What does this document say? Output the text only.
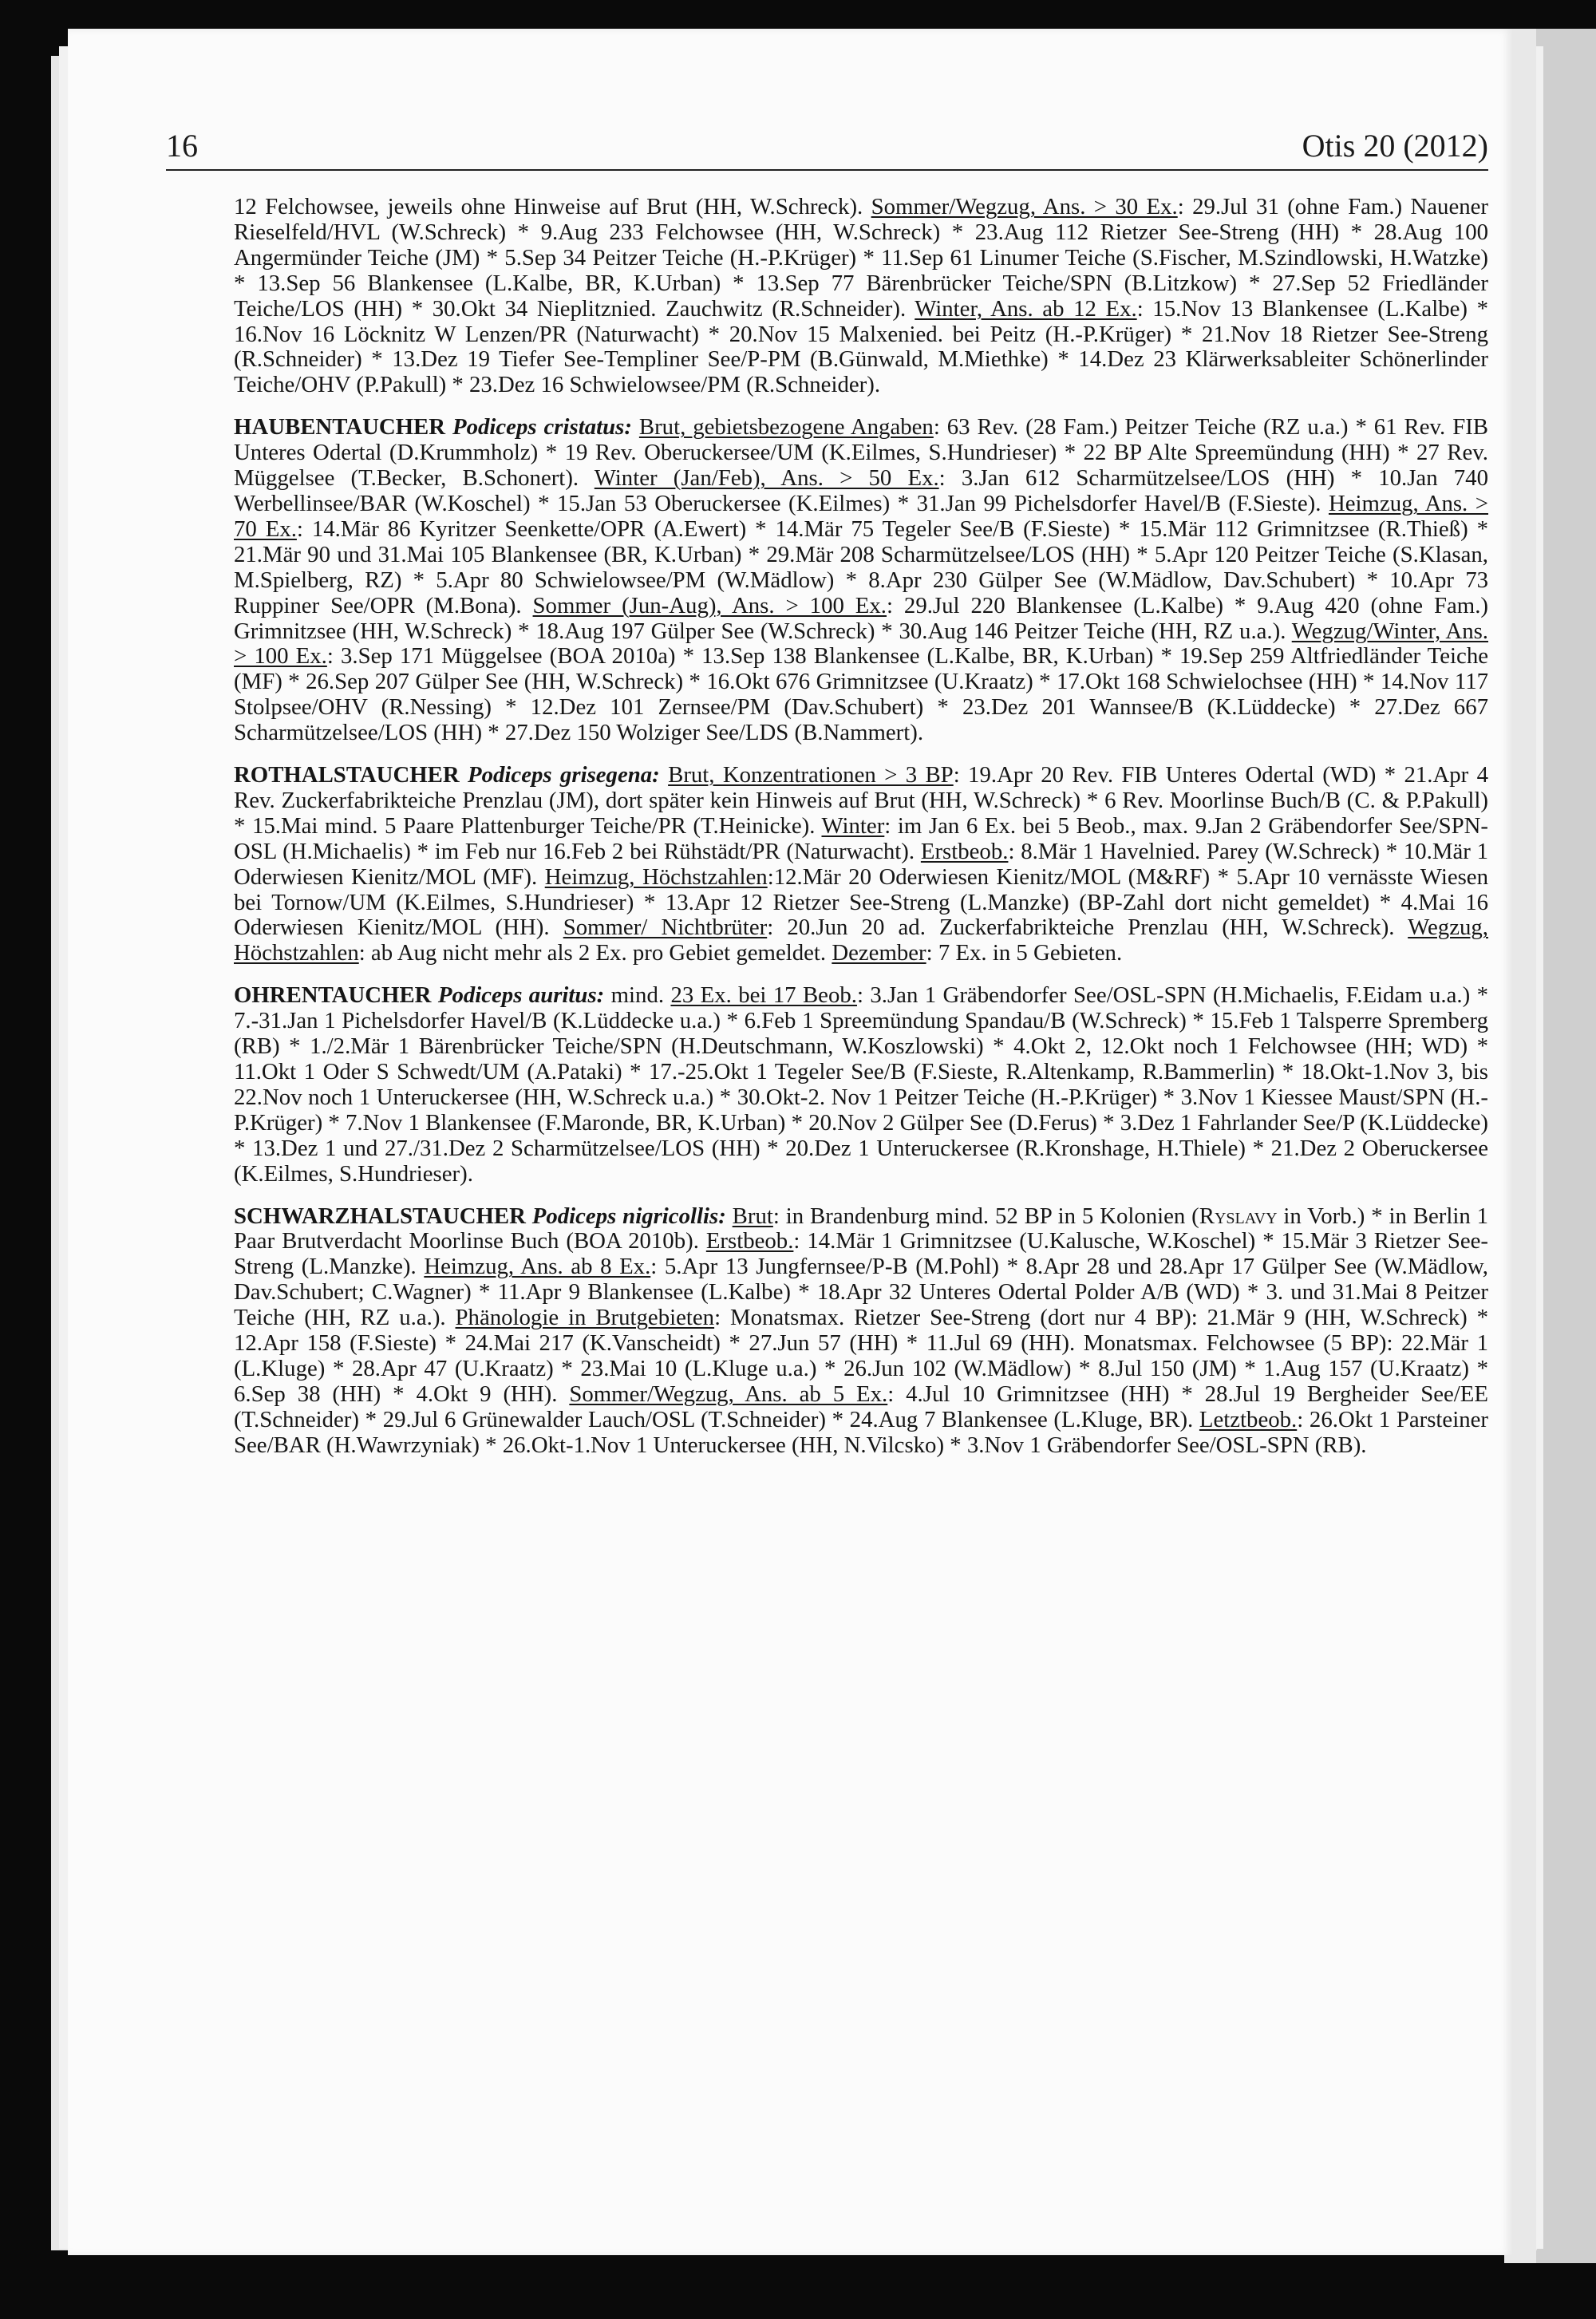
16	Otis 20 (2012)

12 Felchowsee, jeweils ohne Hinweise auf Brut (HH, W.Schreck). Sommer/Wegzug, Ans. > 30 Ex.: 29.Jul 31 (ohne Fam.) Nauener Rieselfeld/HVL (W.Schreck) * 9.Aug 233 Felchowsee (HH, W.Schreck) * 23.Aug 112 Rietzer See-Streng (HH) * 28.Aug 100 Angermünder Teiche (JM) * 5.Sep 34 Peitzer Teiche (H.-P.Krüger) * 11.Sep 61 Linumer Teiche (S.Fischer, M.Szindlowski, H.Watzke) * 13.Sep 56 Blankensee (L.Kalbe, BR, K.Urban) * 13.Sep 77 Bärenbrücker Teiche/SPN (B.Litzkow) * 27.Sep 52 Friedländer Teiche/LOS (HH) * 30.Okt 34 Nieplitznied. Zauchwitz (R.Schneider). Winter, Ans. ab 12 Ex.: 15.Nov 13 Blankensee (L.Kalbe) * 16.Nov 16 Löcknitz W Lenzen/PR (Naturwacht) * 20.Nov 15 Malxenied. bei Peitz (H.-P.Krüger) * 21.Nov 18 Rietzer See-Streng (R.Schneider) * 13.Dez 19 Tiefer See-Templiner See/P-PM (B.Günwald, M.Miethke) * 14.Dez 23 Klärwerksableiter Schönerlinder Teiche/OHV (P.Pakull) * 23.Dez 16 Schwielowsee/PM (R.Schneider).

HAUBENTAUCHER Podiceps cristatus: Brut, gebietsbezogene Angaben: 63 Rev. (28 Fam.) Peitzer Teiche (RZ u.a.) * 61 Rev. FIB Unteres Odertal (D.Krummholz) * 19 Rev. Oberuckersee/UM (K.Eilmes, S.Hundrieser) * 22 BP Alte Spreemündung (HH) * 27 Rev. Müggelsee (T.Becker, B.Schonert). Winter (Jan/Feb), Ans. > 50 Ex.: 3.Jan 612 Scharmützelsee/LOS (HH) * 10.Jan 740 Werbellinsee/BAR (W.Koschel) * 15.Jan 53 Oberuckersee (K.Eilmes) * 31.Jan 99 Pichelsdorfer Havel/B (F.Sieste). Heimzug, Ans. > 70 Ex.: 14.Mär 86 Kyritzer Seenkette/OPR (A.Ewert) * 14.Mär 75 Tegeler See/B (F.Sieste) * 15.Mär 112 Grimnitzsee (R.Thieß) * 21.Mär 90 und 31.Mai 105 Blankensee (BR, K.Urban) * 29.Mär 208 Scharmützelsee/LOS (HH) * 5.Apr 120 Peitzer Teiche (S.Klasan, M.Spielberg, RZ) * 5.Apr 80 Schwielowsee/PM (W.Mädlow) * 8.Apr 230 Gülper See (W.Mädlow, Dav.Schubert) * 10.Apr 73 Ruppiner See/OPR (M.Bona). Sommer (Jun-Aug), Ans. > 100 Ex.: 29.Jul 220 Blankensee (L.Kalbe) * 9.Aug 420 (ohne Fam.) Grimnitzsee (HH, W.Schreck) * 18.Aug 197 Gülper See (W.Schreck) * 30.Aug 146 Peitzer Teiche (HH, RZ u.a.). Wegzug/Winter, Ans. > 100 Ex.: 3.Sep 171 Müggelsee (BOA 2010a) * 13.Sep 138 Blankensee (L.Kalbe, BR, K.Urban) * 19.Sep 259 Altfriedländer Teiche (MF) * 26.Sep 207 Gülper See (HH, W.Schreck) * 16.Okt 676 Grimnitzsee (U.Kraatz) * 17.Okt 168 Schwielochsee (HH) * 14.Nov 117 Stolpsee/OHV (R.Nessing) * 12.Dez 101 Zernsee/PM (Dav.Schubert) * 23.Dez 201 Wannsee/B (K.Lüddecke) * 27.Dez 667 Scharmützelsee/LOS (HH) * 27.Dez 150 Wolziger See/LDS (B.Nammert).

ROTHALSTAUCHER Podiceps grisegena: Brut, Konzentrationen > 3 BP: 19.Apr 20 Rev. FIB Unteres Odertal (WD) * 21.Apr 4 Rev. Zuckerfabrikteiche Prenzlau (JM), dort später kein Hinweis auf Brut (HH, W.Schreck) * 6 Rev. Moorlinse Buch/B (C. & P.Pakull) * 15.Mai mind. 5 Paare Plattenburger Teiche/PR (T.Heinicke). Winter: im Jan 6 Ex. bei 5 Beob., max. 9.Jan 2 Gräbendorfer See/SPN-OSL (H.Michaelis) * im Feb nur 16.Feb 2 bei Rühstädt/PR (Naturwacht). Erstbeob.: 8.Mär 1 Havelnied. Parey (W.Schreck) * 10.Mär 1 Oderwiesen Kienitz/MOL (MF). Heimzug, Höchstzahlen:12.Mär 20 Oderwiesen Kienitz/MOL (M&RF) * 5.Apr 10 vernässte Wiesen bei Tornow/UM (K.Eilmes, S.Hundrieser) * 13.Apr 12 Rietzer See-Streng (L.Manzke) (BP-Zahl dort nicht gemeldet) * 4.Mai 16 Oderwiesen Kienitz/MOL (HH). Sommer/ Nichtbrüter: 20.Jun 20 ad. Zuckerfabrikteiche Prenzlau (HH, W.Schreck). Wegzug, Höchstzahlen: ab Aug nicht mehr als 2 Ex. pro Gebiet gemeldet. Dezember: 7 Ex. in 5 Gebieten.

OHRENTAUCHER Podiceps auritus: mind. 23 Ex. bei 17 Beob.: 3.Jan 1 Gräbendorfer See/OSL-SPN (H.Michaelis, F.Eidam u.a.) * 7.-31.Jan 1 Pichelsdorfer Havel/B (K.Lüddecke u.a.) * 6.Feb 1 Spreemündung Spandau/B (W.Schreck) * 15.Feb 1 Talsperre Spremberg (RB) * 1./2.Mär 1 Bärenbrücker Teiche/SPN (H.Deutschmann, W.Koszlowski) * 4.Okt 2, 12.Okt noch 1 Felchowsee (HH; WD) * 11.Okt 1 Oder S Schwedt/UM (A.Pataki) * 17.-25.Okt 1 Tegeler See/B (F.Sieste, R.Altenkamp, R.Bammerlin) * 18.Okt-1.Nov 3, bis 22.Nov noch 1 Unteruckersee (HH, W.Schreck u.a.) * 30.Okt-2. Nov 1 Peitzer Teiche (H.-P.Krüger) * 3.Nov 1 Kiessee Maust/SPN (H.-P.Krüger) * 7.Nov 1 Blankensee (F.Maronde, BR, K.Urban) * 20.Nov 2 Gülper See (D.Ferus) * 3.Dez 1 Fahrlander See/P (K.Lüddecke) * 13.Dez 1 und 27./31.Dez 2 Scharmützelsee/LOS (HH) * 20.Dez 1 Unteruckersee (R.Kronshage, H.Thiele) * 21.Dez 2 Oberuckersee (K.Eilmes, S.Hundrieser).

SCHWARZHALSTAUCHER Podiceps nigricollis: Brut: in Brandenburg mind. 52 BP in 5 Kolonien (Ryslavy in Vorb.) * in Berlin 1 Paar Brutverdacht Moorlinse Buch (BOA 2010b). Erstbeob.: 14.Mär 1 Grimnitzsee (U.Kalusche, W.Koschel) * 15.Mär 3 Rietzer See-Streng (L.Manzke). Heimzug, Ans. ab 8 Ex.: 5.Apr 13 Jungfernsee/P-B (M.Pohl) * 8.Apr 28 und 28.Apr 17 Gülper See (W.Mädlow, Dav.Schubert; C.Wagner) * 11.Apr 9 Blankensee (L.Kalbe) * 18.Apr 32 Unteres Odertal Polder A/B (WD) * 3. und 31.Mai 8 Peitzer Teiche (HH, RZ u.a.). Phänologie in Brutgebieten: Monatsmax. Rietzer See-Streng (dort nur 4 BP): 21.Mär 9 (HH, W.Schreck) * 12.Apr 158 (F.Sieste) * 24.Mai 217 (K.Vanscheidt) * 27.Jun 57 (HH) * 11.Jul 69 (HH). Monatsmax. Felchowsee (5 BP): 22.Mär 1 (L.Kluge) * 28.Apr 47 (U.Kraatz) * 23.Mai 10 (L.Kluge u.a.) * 26.Jun 102 (W.Mädlow) * 8.Jul 150 (JM) * 1.Aug 157 (U.Kraatz) * 6.Sep 38 (HH) * 4.Okt 9 (HH). Sommer/Wegzug, Ans. ab 5 Ex.: 4.Jul 10 Grimnitzsee (HH) * 28.Jul 19 Bergheider See/EE (T.Schneider) * 29.Jul 6 Grünewalder Lauch/OSL (T.Schneider) * 24.Aug 7 Blankensee (L.Kluge, BR). Letztbeob.: 26.Okt 1 Parsteiner See/BAR (H.Wawrzyniak) * 26.Okt-1.Nov 1 Unteruckersee (HH, N.Vilcsko) * 3.Nov 1 Gräbendorfer See/OSL-SPN (RB).
